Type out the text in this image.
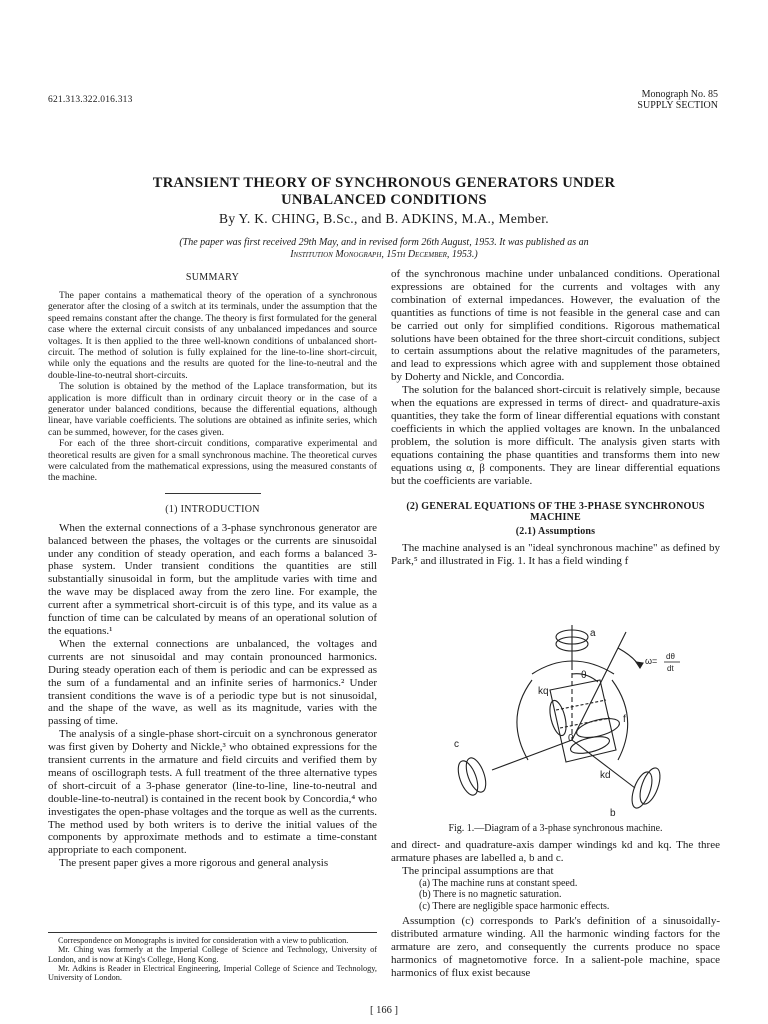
621.313.322.016.313	Monograph No. 85
SUPPLY SECTION
TRANSIENT THEORY OF SYNCHRONOUS GENERATORS UNDER
UNBALANCED CONDITIONS
By Y. K. CHING, B.Sc., and B. ADKINS, M.A., Member.
(The paper was first received 29th May, and in revised form 26th August, 1953. It was published as an
Institution Monograph, 15th December, 1953.)
SUMMARY

The paper contains a mathematical theory of the operation of a synchronous generator after the closing of a switch at its terminals, under the assumption that the speed remains constant after the change. The theory is first formulated for the general case where the external circuit consists of any unbalanced impedances and source voltages. It is then applied to the three well-known conditions of unbalanced short-circuit. The method of solution is fully explained for the line-to-line short-circuit, while only the equations and the results are quoted for the line-to-neutral and the double-line-to-neutral short-circuits.

The solution is obtained by the method of the Laplace transformation, but its application is more difficult than in ordinary circuit theory or in the case of a generator under balanced conditions, because the differential equations, although linear, have variable coefficients. The solutions are obtained as infinite series, which can be summed, however, for the cases given.

For each of the three short-circuit conditions, comparative experimental and theoretical results are given for a small synchronous machine. The theoretical curves were calculated from the mathematical expressions, using the measured constants of the machine.

(1) INTRODUCTION

When the external connections of a 3-phase synchronous generator are balanced between the phases, the voltages or the currents are sinusoidal under any condition of steady operation, and each forms a balanced 3-phase system. Under transient conditions the quantities are still substantially sinusoidal in form, but the amplitude varies with time and the wave may be displaced away from the zero line. For example, the current after a symmetrical short-circuit is of this type, and its value as a function of time can be calculated by means of an operational solution of the equations.¹

When the external connections are unbalanced, the voltages and currents are not sinusoidal and may contain pronounced harmonics. During steady operation each of them is periodic and can be expressed as the sum of a fundamental and an infinite series of harmonics.² Under transient conditions the wave is of a periodic type but is not sinusoidal, and the shape of the wave, as well as its magnitude, varies with the passing of time.

The analysis of a single-phase short-circuit on a synchronous generator was first given by Doherty and Nickle,³ who obtained expressions for the transient currents in the armature and field circuits and verified them by means of oscillograph tests. A full treatment of the three alternative types of short-circuit of a 3-phase generator (line-to-line, line-to-neutral and double-line-to-neutral) is contained in the recent book by Concordia,⁴ who investigates the open-phase voltages and the torque as well as the currents. The method used by both writers is to derive the initial values of the components by approximate methods and to estimate a time-constant appropriate to each component.

The present paper gives a more rigorous and general analysis

Correspondence on Monographs is invited for consideration with a view to publication.

Mr. Ching was formerly at the Imperial College of Science and Technology, University of London, and is now at King's College, Hong Kong.

Mr. Adkins is Reader in Electrical Engineering, Imperial College of Science and Technology, University of London.

of the synchronous machine under unbalanced conditions. Operational expressions are obtained for the currents and voltages with any combination of external impedances. However, the evaluation of the quantities as functions of time is not feasible in the general case and can be carried out only for simplified conditions. Rigorous mathematical solutions have been obtained for the three short-circuit conditions, subject to certain assumptions about the relative magnitudes of the parameters, and lead to expressions which agree with and supplement those obtained by Doherty and Nickle, and Concordia.

The solution for the balanced short-circuit is relatively simple, because when the equations are expressed in terms of direct- and quadrature-axis quantities, they take the form of linear differential equations with constant coefficients in which the applied voltages are known. In the unbalanced problem, the solution is more difficult. The analysis given starts with equations containing the phase quantities and transforms them into new equations using α, β components. They are linear differential equations but the coefficients are variable.

(2) GENERAL EQUATIONS OF THE 3-PHASE SYNCHRONOUS
MACHINE
(2.1) Assumptions

The machine analysed is an "ideal synchronous machine" as defined by Park,⁵ and illustrated in Fig. 1. It has a field winding f

a
θ
ω= dθ
dt
kq
f
0
kd
c
b
Fig. 1.—Diagram of a 3-phase synchronous machine.

and direct- and quadrature-axis damper windings kd and kq. The three armature phases are labelled a, b and c.

The principal assumptions are that

(a) The machine runs at constant speed.
(b) There is no magnetic saturation.
(c) There are negligible space harmonic effects.

Assumption (c) corresponds to Park's definition of a sinusoidally-distributed armature winding. All the harmonic winding factors for the armature are zero, and consequently the currents produce no space harmonics of magnetomotive force. In a salient-pole machine, space harmonics of flux exist because

[ 166 ]
